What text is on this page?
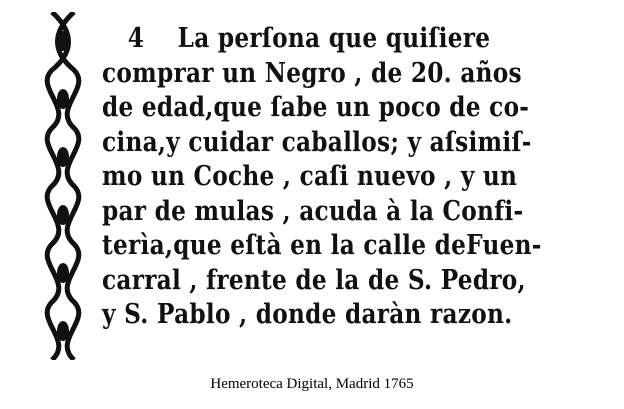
4 La perſona que quiſiere
comprar un Negro , de 20. años
de edad,que ſabe un poco de co-
cina,y cuidar caballos; y aſsimiſ-
mo un Coche , caſi nuevo , y un
par de mulas , acuda à la Confi-
terìa,que eſtà en la calle deFuen-
carral , frente de la de S. Pedro,
y S. Pablo , donde daràn razon.
Hemeroteca Digital, Madrid 1765
